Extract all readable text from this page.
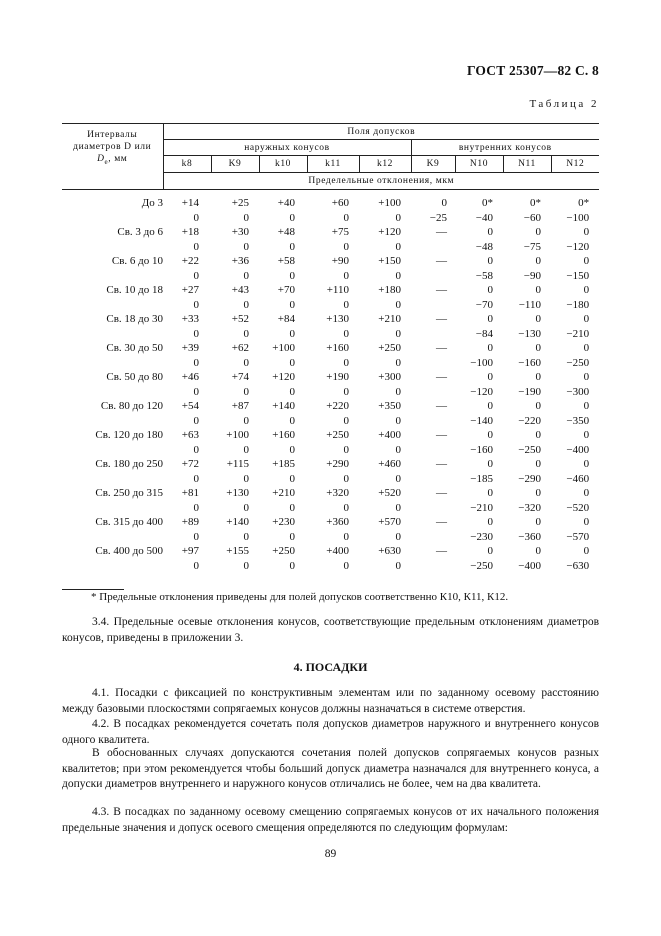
ГОСТ 25307—82 С. 8
Таблица 2
Интервалы
диаметров D или
$D_e$, мм	Поля допусков								
	наружных конусов					внутренних конусов			
	k8	K9	k10	k11	k12	K9	N10	N11	N12
	Пределельные отклонения, мкм								
До 3	+14	+25	+40	+60	+100	0	0*	0*	0*
	0	0	0	0	0	−25	−40	−60	−100
Св. 3 до 6	+18	+30	+48	+75	+120	—	0	0	0
	0	0	0	0	0		−48	−75	−120
Св. 6 до 10	+22	+36	+58	+90	+150	—	0	0	0
	0	0	0	0	0		−58	−90	−150
Св. 10 до 18	+27	+43	+70	+110	+180	—	0	0	0
	0	0	0	0	0		−70	−110	−180
Св. 18 до 30	+33	+52	+84	+130	+210	—	0	0	0
	0	0	0	0	0		−84	−130	−210
Св. 30 до 50	+39	+62	+100	+160	+250	—	0	0	0
	0	0	0	0	0		−100	−160	−250
Св. 50 до 80	+46	+74	+120	+190	+300	—	0	0	0
	0	0	0	0	0		−120	−190	−300
Св. 80 до 120	+54	+87	+140	+220	+350	—	0	0	0
	0	0	0	0	0		−140	−220	−350
Св. 120 до 180	+63	+100	+160	+250	+400	—	0	0	0
	0	0	0	0	0		−160	−250	−400
Св. 180 до 250	+72	+115	+185	+290	+460	—	0	0	0
	0	0	0	0	0		−185	−290	−460
Св. 250 до 315	+81	+130	+210	+320	+520	—	0	0	0
	0	0	0	0	0		−210	−320	−520
Св. 315 до 400	+89	+140	+230	+360	+570	—	0	0	0
	0	0	0	0	0		−230	−360	−570
Св. 400 до 500	+97	+155	+250	+400	+630	—	0	0	0
	0	0	0	0	0		−250	−400	−630
* Предельные отклонения приведены для полей допусков соответственно К10, К11, К12.
3.4. Предельные осевые отклонения конусов, соответствующие предельным отклонениям диаметров конусов, приведены в приложении 3.
4. ПОСАДКИ
4.1. Посадки с фиксацией по конструктивным элементам или по заданному осевому расстоянию между базовыми плоскостями сопрягаемых конусов должны назначаться в системе отверстия.
4.2. В посадках рекомендуется сочетать поля допусков диаметров наружного и внутреннего конусов одного квалитета.
В обоснованных случаях допускаются сочетания полей допусков сопрягаемых конусов разных квалитетов; при этом рекомендуется чтобы больший допуск диаметра назначался для внутреннего конуса, а допуски диаметров внутреннего и наружного конусов отличались не более, чем на два квалитета.
4.3. В посадках по заданному осевому смещению сопрягаемых конусов от их начального положения предельные значения и допуск осевого смещения определяются по следующим формулам:
89
